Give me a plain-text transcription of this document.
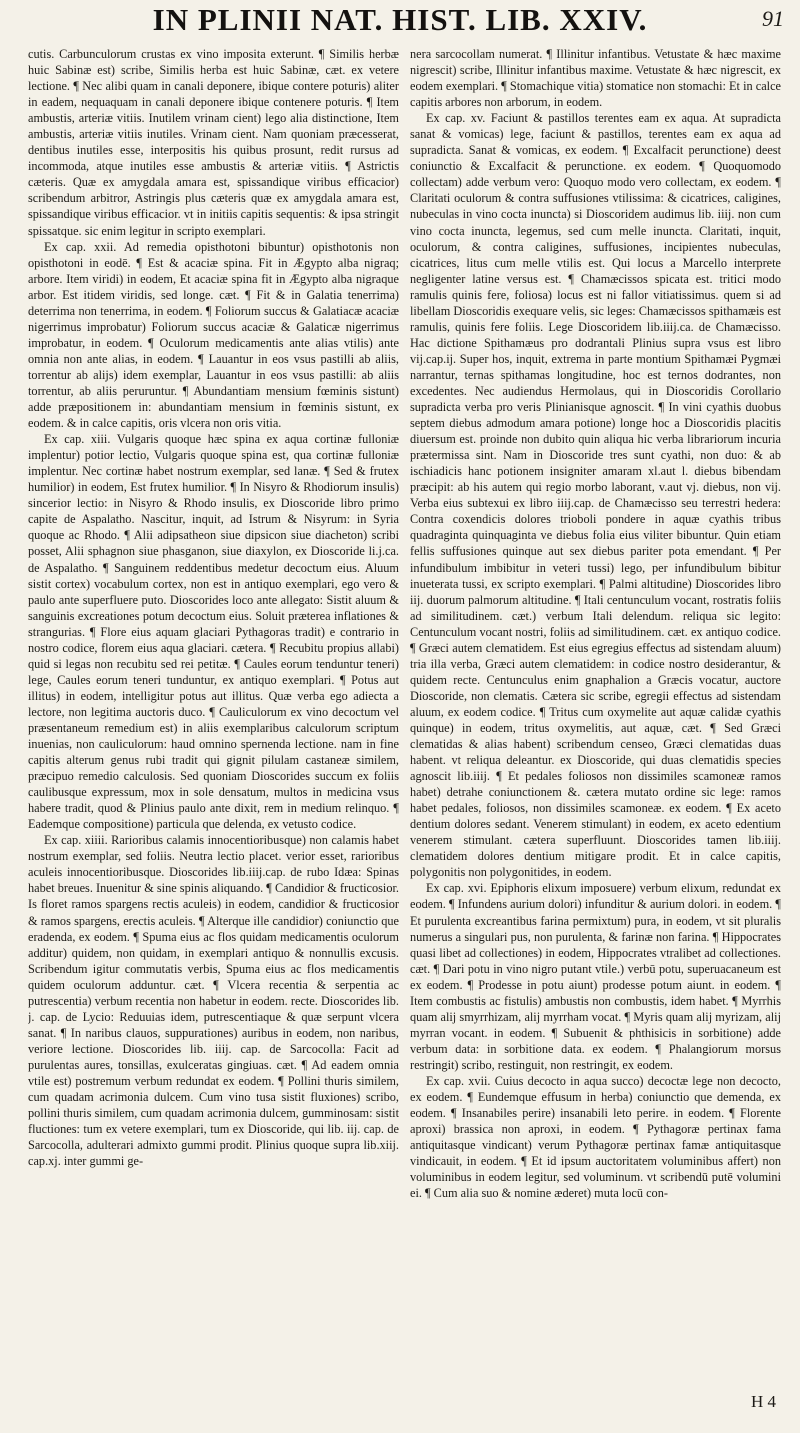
IN PLINII NAT. HIST. LIB. XXIV.	91

cutis. Carbunculorum crustas ex vino imposita exterunt. ¶ Similis herbæ huic Sabinæ est) scribe, Similis herba est huic Sabinæ, cæt. ex vetere lectione. ¶ Nec alibi quam in canali deponere, ibique contere poturis) aliter in eadem, nequaquam in canali deponere ibique contenere poturis. ¶ Item ambustis, arteriæ vitiis. Inutilem vrinam cient) lego alia distinctione, Item ambustis, arteriæ vitiis inutiles. Vrinam cient. Nam quoniam præcesserat, dentibus inutiles esse, interpositis his quibus prosunt, redit rursus ad incommoda, atque inutiles esse ambustis & arteriæ vitiis. ¶ Astrictis cæteris. Quæ ex amygdala amara est, spissandique viribus efficacior) scribendum arbitror, Astringis plus cæteris quæ ex amygdala amara est, spissandique viribus efficacior. vt in initiis capitis sequentis: & ipsa stringit spissatque. sic enim legitur in scripto exemplari.

Ex cap. xxii. Ad remedia opisthotoni bibuntur) opisthotonis non opisthotoni in eodē. ¶ Est & acaciæ spina. Fit in Ægypto alba nigraq; arbore. Item viridi) in eodem, Et acaciæ spina fit in Ægypto alba nigraque arbor. Est itidem viridis, sed longe. cæt. ¶ Fit & in Galatia tenerrima) deterrima non tenerrima, in eodem. ¶ Foliorum succus & Galatiacæ acaciæ nigerrimus improbatur) Foliorum succus acaciæ & Galaticæ nigerrimus improbatur, in eodem. ¶ Oculorum medicamentis ante alias vtilis) ante omnia non ante alias, in eodem. ¶ Lauantur in eos vsus pastilli ab aliis, torrentur ab alijs) idem exemplar, Lauantur in eos vsus pastilli: ab aliis torrentur, ab aliis peruruntur. ¶ Abundantiam mensium fœminis sistunt) adde præpositionem in: abundantiam mensium in fœminis sistunt, ex eodem. & in calce capitis, oris vlcera non oris vitia.

Ex cap. xiii. Vulgaris quoque hæc spina ex aqua cortinæ fulloniæ implentur) potior lectio, Vulgaris quoque spina est, qua cortinæ fulloniæ implentur. Nec cortinæ habet nostrum exemplar, sed lanæ. ¶ Sed & frutex humilior) in eodem, Est frutex humilior. ¶ In Nisyro & Rhodiorum insulis) sincerior lectio: in Nisyro & Rhodo insulis, ex Dioscoride libro primo capite de Aspalatho. Nascitur, inquit, ad Istrum & Nisyrum: in Syria quoque ac Rhodo. ¶ Alii adipsatheon siue dipsicon siue diacheton) scribi posset, Alii sphagnon siue phasganon, siue diaxylon, ex Dioscoride li.j.ca. de Aspalatho. ¶ Sanguinem reddentibus medetur decoctum eius. Aluum sistit cortex) vocabulum cortex, non est in antiquo exemplari, ego vero & paulo ante superfluere puto. Dioscorides loco ante allegato: Sistit aluum & sanguinis excreationes potum decoctum eius. Soluit præterea inflationes & strangurias. ¶ Flore eius aquam glaciari Pythagoras tradit) e contrario in nostro codice, florem eius aqua glaciari. cætera. ¶ Recubitu propius allabi) quid si legas non recubitu sed rei petitæ. ¶ Caules eorum tenduntur teneri) lege, Caules eorum teneri tunduntur, ex antiquo exemplari. ¶ Potus aut illitus) in eodem, intelligitur potus aut illitus. Quæ verba ego adiecta a lectore, non legitima auctoris duco. ¶ Cauliculorum ex vino decoctum vel præsentaneum remedium est) in aliis exemplaribus calculorum scriptum inuenias, non cauliculorum: haud omnino spernenda lectione. nam in fine capitis alterum genus rubi tradit qui gignit pilulam castaneæ similem, præcipuo remedio calculosis. Sed quoniam Dioscorides succum ex foliis caulibusque expressum, mox in sole densatum, multos in medicina vsus habere tradit, quod & Plinius paulo ante dixit, rem in medium relinquo. ¶ Eademque compositione) particula que delenda, ex vetusto codice.

Ex cap. xiiii. Rarioribus calamis innocentioribusque) non calamis habet nostrum exemplar, sed foliis. Neutra lectio placet. verior esset, rarioribus aculeis innocentioribusque. Dioscorides lib.iiij.cap. de rubo Idæa: Spinas habet breues. Inuenitur & sine spinis aliquando. ¶ Candidior & fructicosior. Is floret ramos spargens rectis aculeis) in eodem, candidior & fructicosior & ramos spargens, erectis aculeis. ¶ Alterque ille candidior) coniunctio que eradenda, ex eodem. ¶ Spuma eius ac flos quidam medicamentis oculorum additur) quidem, non quidam, in exemplari antiquo & nonnullis excusis. Scribendum igitur commutatis verbis, Spuma eius ac flos medicamentis quidem oculorum adduntur. cæt. ¶ Vlcera recentia & serpentia ac putrescentia) verbum recentia non habetur in eodem. recte. Dioscorides lib. j. cap. de Lycio: Reduuias idem, putrescentiaque & quæ serpunt vlcera sanat. ¶ In naribus clauos, suppurationes) auribus in eodem, non naribus, veriore lectione. Dioscorides lib. iiij. cap. de Sarcocolla: Facit ad purulentas aures, tonsillas, exulceratas gingiuas. cæt. ¶ Ad eadem omnia vtile est) postremum verbum redundat ex eodem. ¶ Pollini thuris similem, cum quadam acrimonia dulcem. Cum vino tusa sistit fluxiones) scribo, pollini thuris similem, cum quadam acrimonia dulcem, gumminosam: sistit fluctiones: tum ex vetere exemplari, tum ex Dioscoride, qui lib. iij. cap. de Sarcocolla, adulterari admixto gummi prodit. Plinius quoque supra lib.xiij. cap.xj. inter gummi ge-

nera sarcocollam numerat. ¶ Illinitur infantibus. Vetustate & hæc maxime nigrescit) scribe, Illinitur infantibus maxime. Vetustate & hæc nigrescit, ex eodem exemplari. ¶ Stomachique vitia) stomatice non stomachi: Et in calce capitis arbores non arborum, in eodem.

Ex cap. xv. Faciunt & pastillos terentes eam ex aqua. At supradicta sanat & vomicas) lege, faciunt & pastillos, terentes eam ex aqua ad supradicta. Sanat & vomicas, ex eodem. ¶ Excalfacit perunctione) deest coniunctio & Excalfacit & perunctione. ex eodem. ¶ Quoquomodo collectam) adde verbum vero: Quoquo modo vero collectam, ex eodem. ¶ Claritati oculorum & contra suffusiones vtilissima: & cicatrices, caligines, nubeculas in vino cocta inuncta) si Dioscoridem audimus lib. iiij. non cum vino cocta inuncta, legemus, sed cum melle inuncta. Claritati, inquit, oculorum, & contra caligines, suffusiones, incipientes nubeculas, cicatrices, litus cum melle vtilis est. Qui locus a Marcello interprete negligenter latine versus est. ¶ Chamæcissos spicata est. tritici modo ramulis quinis fere, foliosa) locus est ni fallor vitiatissimus. quem si ad libellam Dioscoridis exequare velis, sic leges: Chamæcissos spithamæis est ramulis, quinis fere foliis. Lege Dioscoridem lib.iiij.ca. de Chamæcisso. Hac dictione Spithamæus pro dodrantali Plinius supra vsus est libro vij.cap.ij. Super hos, inquit, extrema in parte montium Spithamæi Pygmæi narrantur, ternas spithamas longitudine, hoc est ternos dodrantes, non excedentes. Nec audiendus Hermolaus, qui in Dioscoridis Corollario supradicta verba pro veris Plinianisque agnoscit. ¶ In vini cyathis duobus septem diebus admodum amara potione) longe hoc a Dioscoridis placitis diuersum est. proinde non dubito quin aliqua hic verba librariorum incuria prætermissa sint. Nam in Dioscoride tres sunt cyathi, non duo: & ab ischiadicis hanc potionem insigniter amaram xl.aut l. diebus bibendam præcipit: ab his autem qui regio morbo laborant, v.aut vj. diebus, non vij. Verba eius subtexui ex libro iiij.cap. de Chamæcisso seu terrestri hedera: Contra coxendicis dolores trioboli pondere in aquæ cyathis tribus quadraginta quinquaginta ve diebus folia eius viliter bibuntur. Quin etiam fellis suffusiones quinque aut sex diebus pariter pota emendant. ¶ Per infundibulum imbibitur in veteri tussi) lego, per infundibulum bibitur inueterata tussi, ex scripto exemplari. ¶ Palmi altitudine) Dioscorides libro iij. duorum palmorum altitudine. ¶ Itali centunculum vocant, rostratis foliis ad similitudinem. cæt.) verbum Itali delendum. reliqua sic legito: Centunculum vocant nostri, foliis ad similitudinem. cæt. ex antiquo codice. ¶ Græci autem clematidem. Est eius egregius effectus ad sistendam aluum) tria illa verba, Græci autem clematidem: in codice nostro desiderantur, & quidem recte. Centunculus enim gnaphalion a Græcis vocatur, auctore Dioscoride, non clematis. Cætera sic scribe, egregii effectus ad sistendam aluum, ex eodem codice. ¶ Tritus cum oxymelite aut aquæ calidæ cyathis quinque) in eodem, tritus oxymelitis, aut aquæ, cæt. ¶ Sed Græci clematidas & alias habent) scribendum censeo, Græci clematidas duas habent. vt reliqua deleantur. ex Dioscoride, qui duas clematidis species agnoscit lib.iiij. ¶ Et pedales foliosos non dissimiles scamoneæ ramos habet) detrahe coniunctionem &. cætera mutato ordine sic lege: ramos habet pedales, foliosos, non dissimiles scamoneæ. ex eodem. ¶ Ex aceto dentium dolores sedant. Venerem stimulant) in eodem, ex aceto edentium venerem stimulant. cætera superfluunt. Dioscorides tamen lib.iiij. clematidem dolores dentium mitigare prodit. Et in calce capitis, polygonitis non polygonitides, in eodem.

Ex cap. xvi. Epiphoris elixum imposuere) verbum elixum, redundat ex eodem. ¶ Infundens aurium dolori) infunditur & aurium dolori. in eodem. ¶ Et purulenta excreantibus farina permixtum) pura, in eodem, vt sit pluralis numerus a singulari pus, non purulenta, & farinæ non farina. ¶ Hippocrates quasi libet ad collectiones) in eodem, Hippocrates vtralibet ad collectiones. cæt. ¶ Dari potu in vino nigro putant vtile.) verbū potu, superuacaneum est ex eodem. ¶ Prodesse in potu aiunt) prodesse potum aiunt. in eodem. ¶ Item combustis ac fistulis) ambustis non combustis, idem habet. ¶ Myrrhis quam alij smyrrhizam, alij myrrham vocat. ¶ Myris quam alij myrizam, alij myrran vocant. in eodem. ¶ Subuenit & phthisicis in sorbitione) adde verbum data: in sorbitione data. ex eodem. ¶ Phalangiorum morsus restringit) scribo, restinguit, non restringit, ex eodem.

Ex cap. xvii. Cuius decocto in aqua succo) decoctæ lege non decocto, ex eodem. ¶ Eundemque effusum in herba) coniunctio que demenda, ex eodem. ¶ Insanabiles perire) insanabili leto perire. in eodem. ¶ Florente aproxi) brassica non aproxi, in eodem. ¶ Pythagoræ pertinax fama antiquitasque vindicant) verum Pythagoræ pertinax famæ antiquitasque vindicauit, in eodem. ¶ Et id ipsum auctoritatem voluminibus affert) non voluminibus in eodem legitur, sed voluminum. vt scribendū putē volumini ei. ¶ Cum alia suo & nomine æderet) muta locū con-

H 4
